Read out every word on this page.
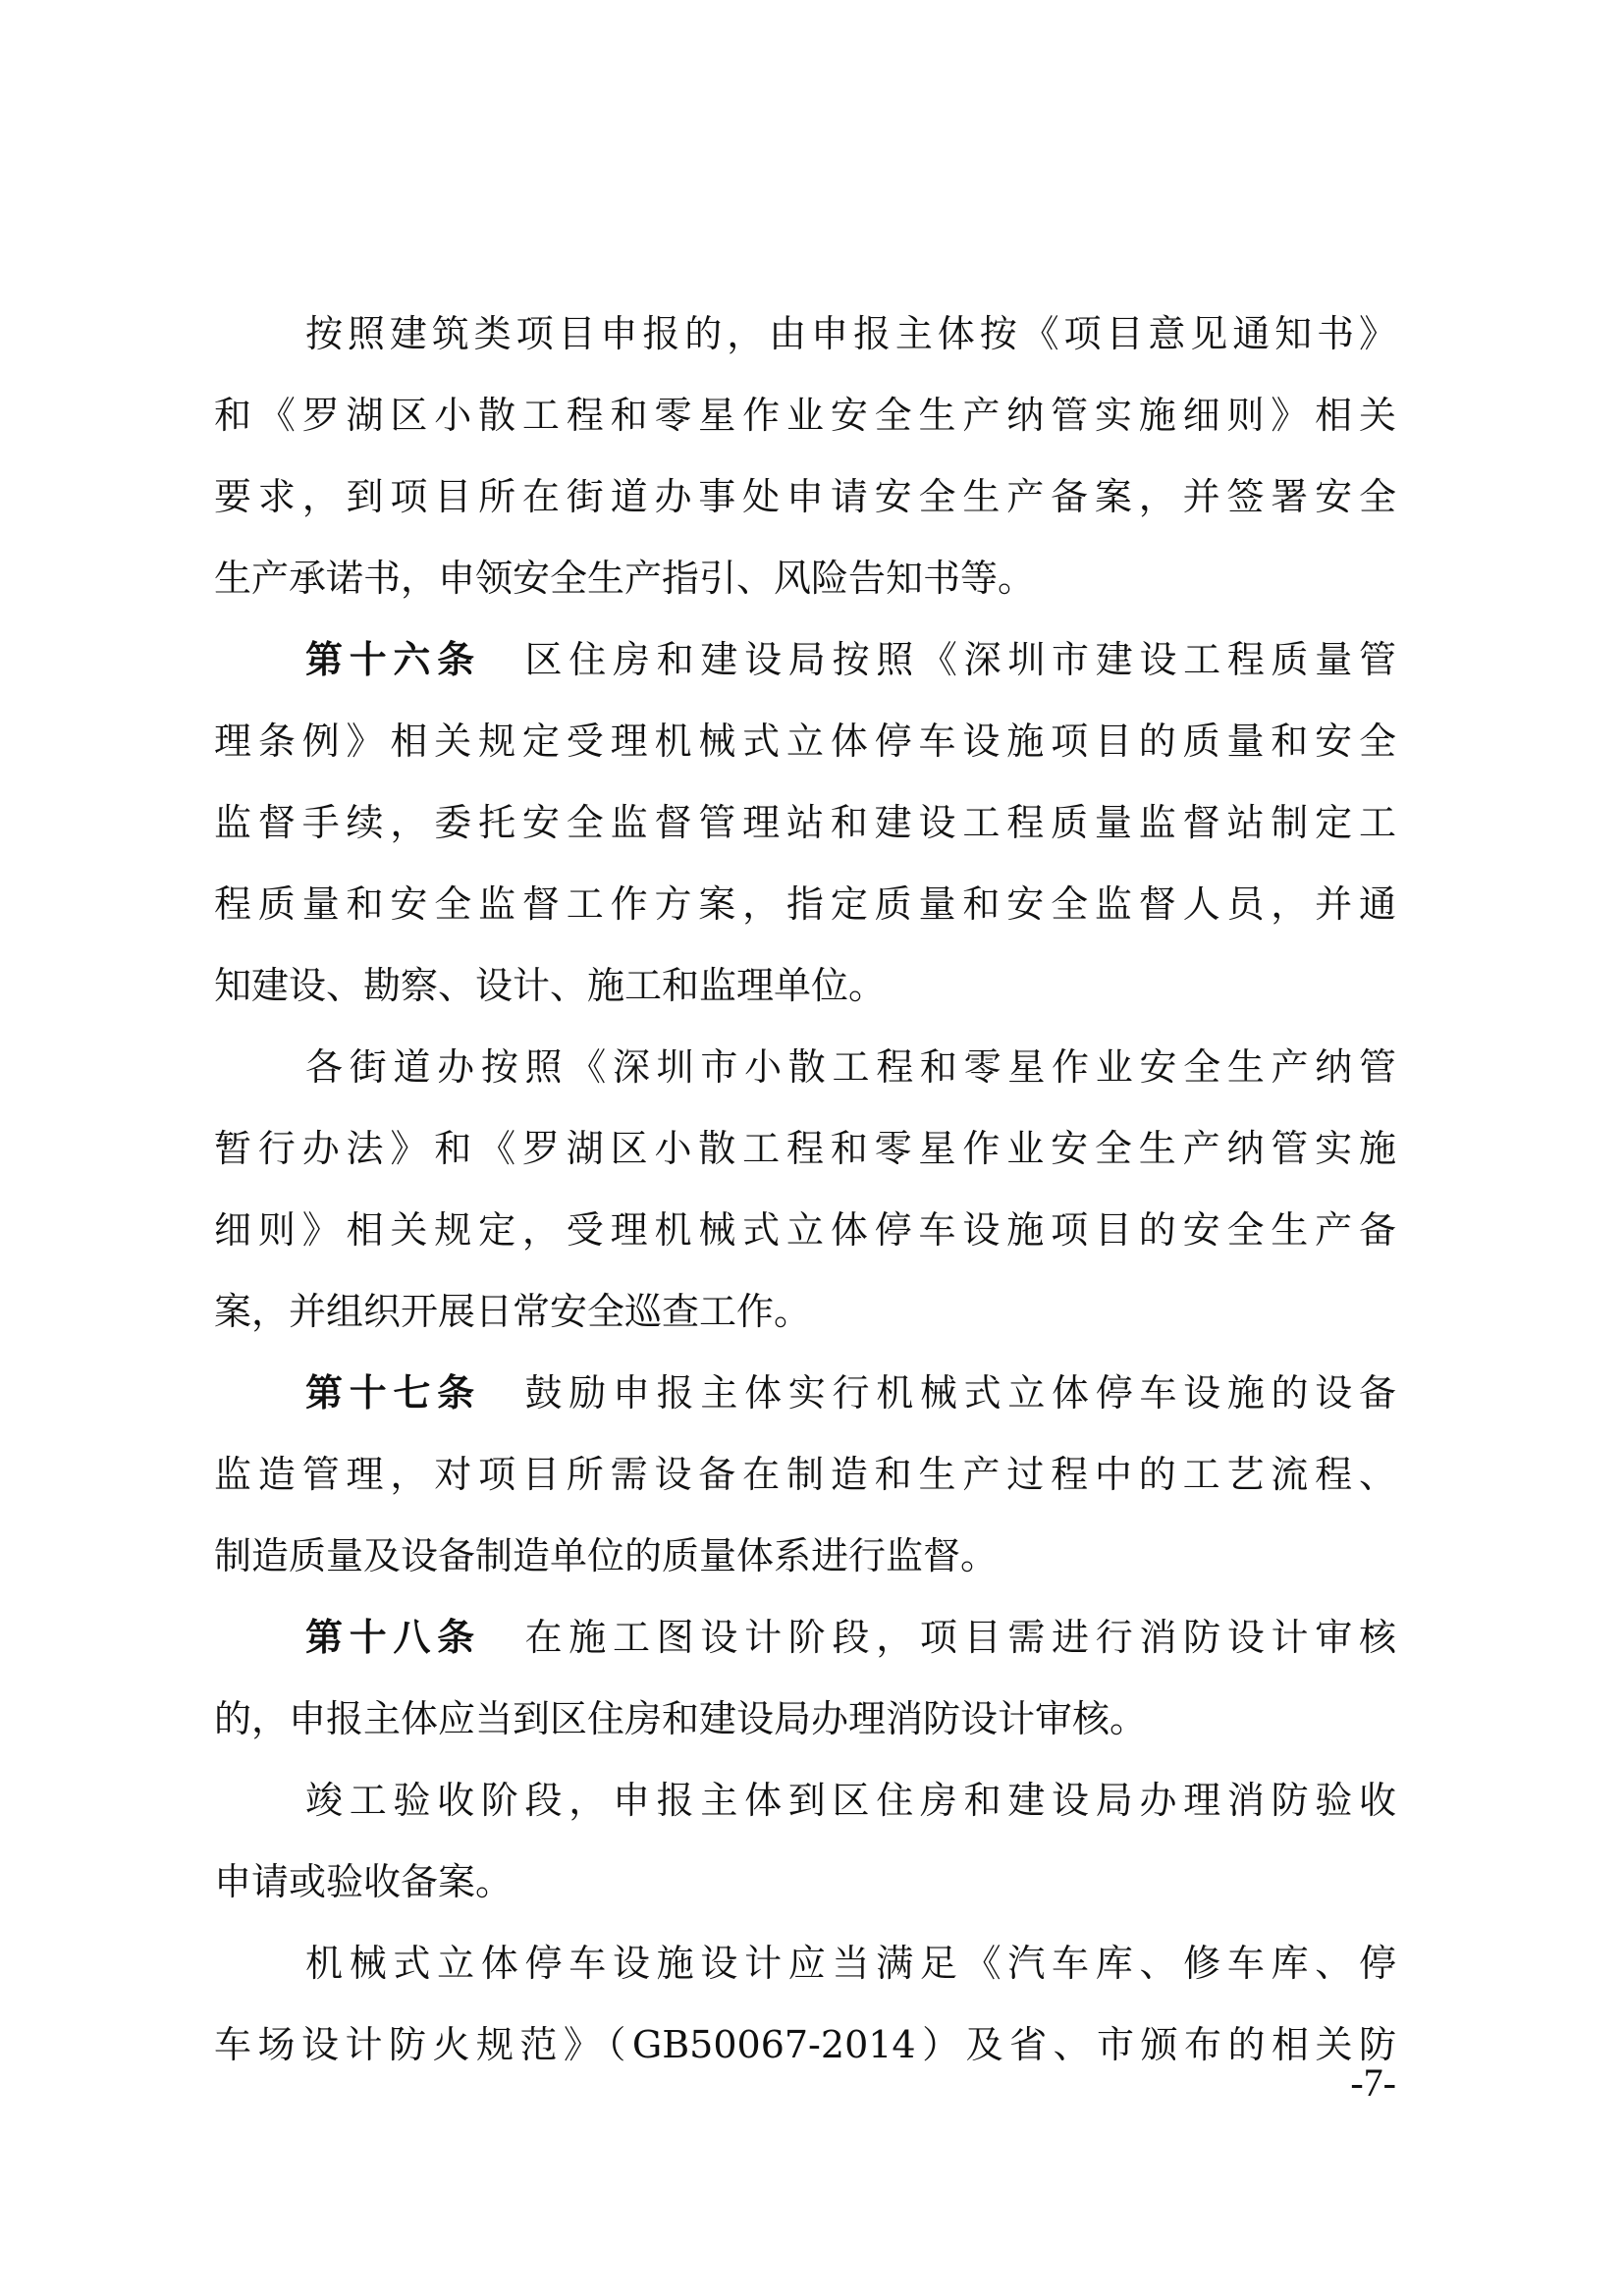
按照建筑类项目申报的，由申报主体按《项目意见通知书》
和《罗湖区小散工程和零星作业安全生产纳管实施细则》相关
要求，到项目所在街道办事处申请安全生产备案，并签署安全
生产承诺书，申领安全生产指引、风险告知书等。
第十六条　 区住房和建设局按照《深圳市建设工程质量管
理条例》相关规定受理机械式立体停车设施项目的质量和安全
监督手续，委托安全监督管理站和建设工程质量监督站制定工
程质量和安全监督工作方案，指定质量和安全监督人员，并通
知建设、勘察、设计、施工和监理单位。
各街道办按照《深圳市小散工程和零星作业安全生产纳管
暂行办法》和《罗湖区小散工程和零星作业安全生产纳管实施
细则》相关规定，受理机械式立体停车设施项目的安全生产备
案，并组织开展日常安全巡查工作。
第十七条　 鼓励申报主体实行机械式立体停车设施的设备
监造管理，对项目所需设备在制造和生产过程中的工艺流程、
制造质量及设备制造单位的质量体系进行监督。
第十八条　 在施工图设计阶段，项目需进行消防设计审核
的，申报主体应当到区住房和建设局办理消防设计审核。
竣工验收阶段，申报主体到区住房和建设局办理消防验收
申请或验收备案。
机械式立体停车设施设计应当满足《汽车库、修车库、停
车场设计防火规范》（GB50067-2014）及省、市颁布的相关防
-7-
